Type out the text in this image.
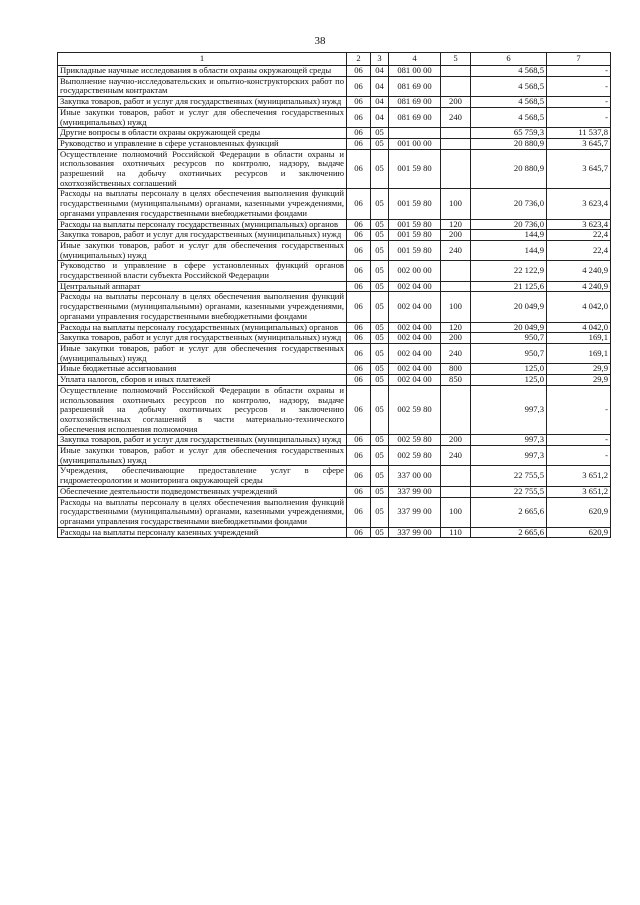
38
1	2	3	4	5	6	7
Прикладные научные исследования в области охраны окружающей среды	06	04	081 00 00		4 568,5	-
Выполнение научно-исследовательских и опытно-конструкторских работ по государственным контрактам	06	04	081 69 00		4 568,5	-
Закупка товаров, работ и услуг для государственных (муниципальных) нужд	06	04	081 69 00	200	4 568,5	-
Иные закупки товаров, работ и услуг для обеспечения государственных (муниципальных) нужд	06	04	081 69 00	240	4 568,5	-
Другие вопросы в области охраны окружающей среды	06	05			65 759,3	11 537,8
Руководство и управление в сфере установленных функций	06	05	001 00 00		20 880,9	3 645,7
Осуществление полномочий Российской Федерации в области охраны и использования охотничьих ресурсов по контролю, надзору, выдаче разрешений на добычу охотничьих ресурсов и заключению охотхозяйственных соглашений	06	05	001 59 80		20 880,9	3 645,7
Расходы на выплаты персоналу в целях обеспечения выполнения функций государственными (муниципальными) органами, казенными учреждениями, органами управления государственными внебюджетными фондами	06	05	001 59 80	100	20 736,0	3 623,4
Расходы на выплаты персоналу государственных (муниципальных) органов	06	05	001 59 80	120	20 736,0	3 623,4
Закупка товаров, работ и услуг для государственных (муниципальных) нужд	06	05	001 59 80	200	144,9	22,4
Иные закупки товаров, работ и услуг для обеспечения государственных (муниципальных) нужд	06	05	001 59 80	240	144,9	22,4
Руководство и управление в сфере установленных функций органов государственной власти субъекта Российской Федерации	06	05	002 00 00		22 122,9	4 240,9
Центральный аппарат	06	05	002 04 00		21 125,6	4 240,9
Расходы на выплаты персоналу в целях обеспечения выполнения функций государственными (муниципальными) органами, казенными учреждениями, органами управления государственными внебюджетными фондами	06	05	002 04 00	100	20 049,9	4 042,0
Расходы на выплаты персоналу государственных (муниципальных) органов	06	05	002 04 00	120	20 049,9	4 042,0
Закупка товаров, работ и услуг для государственных (муниципальных) нужд	06	05	002 04 00	200	950,7	169,1
Иные закупки товаров, работ и услуг для обеспечения государственных (муниципальных) нужд	06	05	002 04 00	240	950,7	169,1
Иные бюджетные ассигнования	06	05	002 04 00	800	125,0	29,9
Уплата налогов, сборов и иных платежей	06	05	002 04 00	850	125,0	29,9
Осуществление полномочий Российской Федерации в области охраны и использования охотничьих ресурсов по контролю, надзору, выдаче разрешений на добычу охотничьих ресурсов и заключению охотхозяйственных соглашений в части материально-технического обеспечения исполнения полномочия	06	05	002 59 80		997,3	-
Закупка товаров, работ и услуг для государственных (муниципальных) нужд	06	05	002 59 80	200	997,3	-
Иные закупки товаров, работ и услуг для обеспечения государственных (муниципальных) нужд	06	05	002 59 80	240	997,3	-
Учреждения, обеспечивающие предоставление услуг в сфере гидрометеорологии и мониторинга окружающей среды	06	05	337 00 00		22 755,5	3 651,2
Обеспечение деятельности подведомственных учреждений	06	05	337 99 00		22 755,5	3 651,2
Расходы на выплаты персоналу в целях обеспечения выполнения функций государственными (муниципальными) органами, казенными учреждениями, органами управления государственными внебюджетными фондами	06	05	337 99 00	100	2 665,6	620,9
Расходы на выплаты персоналу казенных учреждений	06	05	337 99 00	110	2 665,6	620,9
